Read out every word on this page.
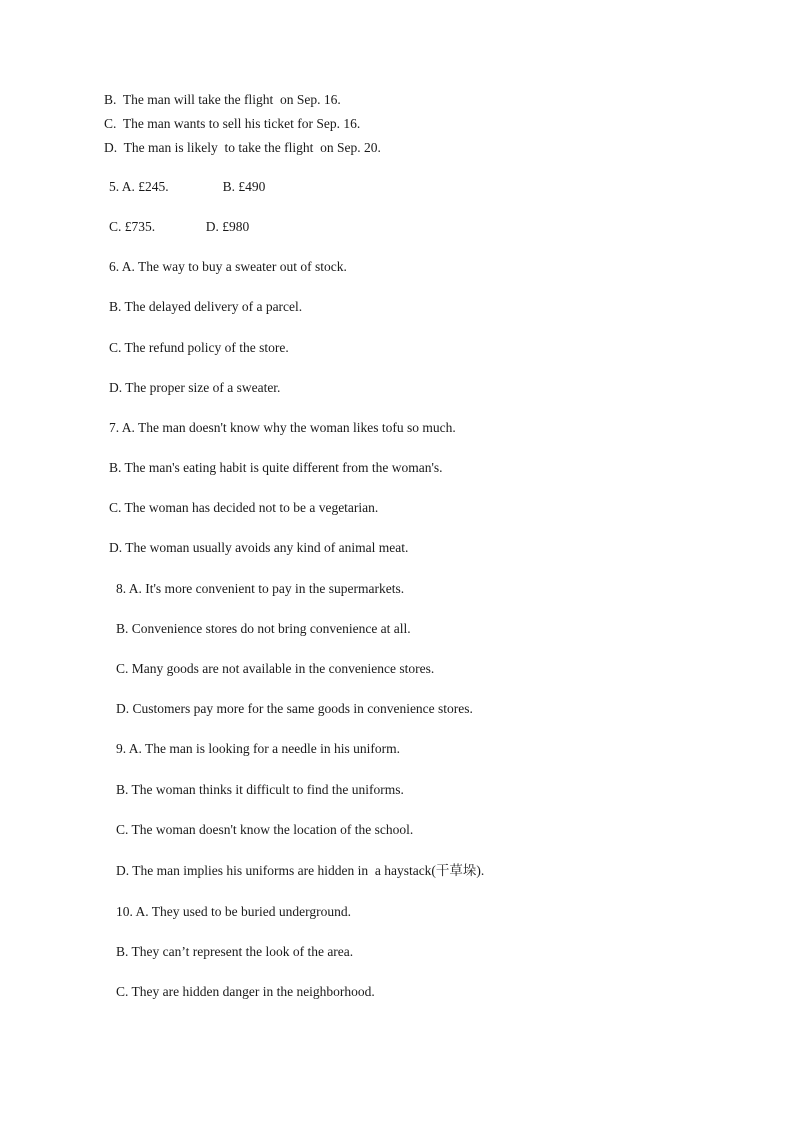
B.  The man will take the flight  on Sep. 16.
C.  The man wants to sell his ticket for Sep. 16.
D.  The man is likely  to take the flight  on Sep. 20.
5. A. £245.                B. £490
C. £735.               D. £980
6. A. The way to buy a sweater out of stock.
B. The delayed delivery of a parcel.
C. The refund policy of the store.
D. The proper size of a sweater.
7. A. The man doesn't know why the woman likes tofu so much.
B. The man's eating habit is quite different from the woman's.
C. The woman has decided not to be a vegetarian.
D. The woman usually avoids any kind of animal meat.
8. A. It's more convenient to pay in the supermarkets.
B. Convenience stores do not bring convenience at all.
C. Many goods are not available in the convenience stores.
D. Customers pay more for the same goods in convenience stores.
9. A. The man is looking for a needle in his uniform.
B. The woman thinks it difficult to find the uniforms.
C. The woman doesn't know the location of the school.
D. The man implies his uniforms are hidden in  a haystack(干草垛).
10. A. They used to be buried underground.
B. They can’t represent the look of the area.
C. They are hidden danger in the neighborhood.
